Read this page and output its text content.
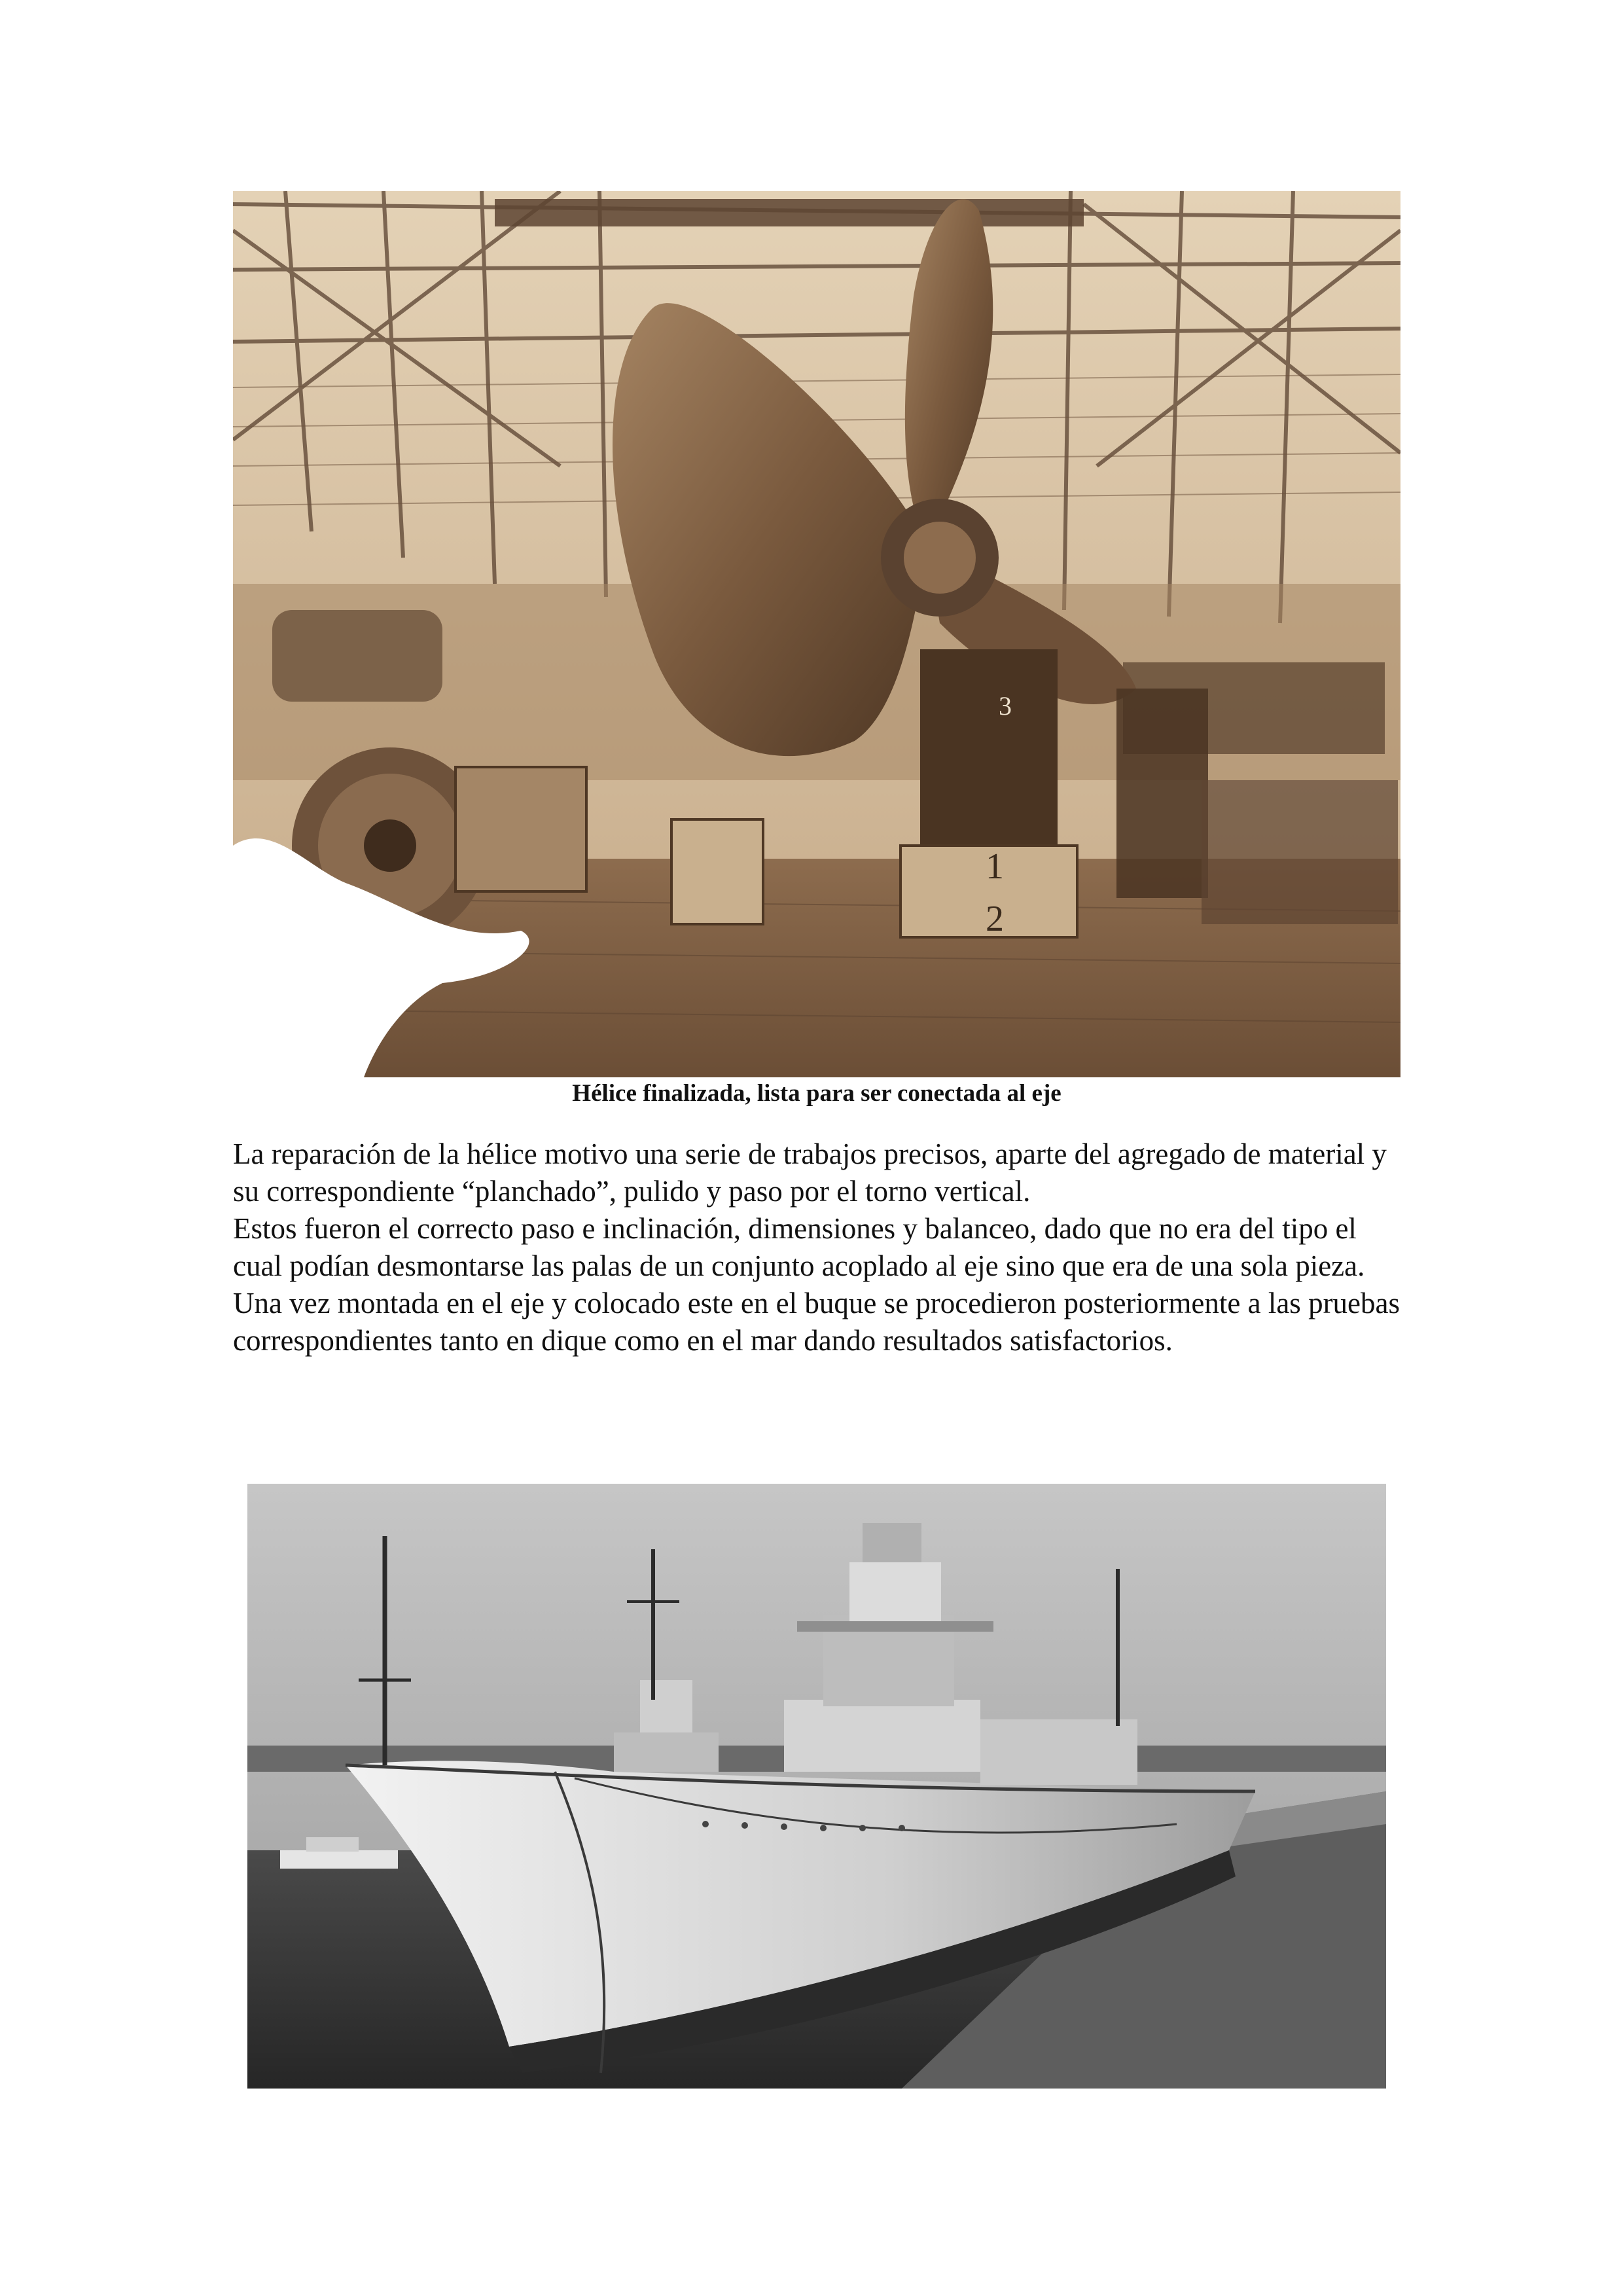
3
1
2
Hélice finalizada, lista para ser conectada al eje

La reparación de la hélice motivo una serie de trabajos precisos, aparte del agregado de material y su correspondiente “planchado”, pulido y paso por el torno vertical.

Estos fueron el correcto paso e inclinación, dimensiones y balanceo, dado que no era del tipo el cual podían desmontarse las palas de un conjunto acoplado al eje sino que era de una sola pieza.

Una vez montada en el eje y colocado este en el buque se procedieron posteriormente a las pruebas correspondientes tanto en dique como en el mar dando resultados satisfactorios.
